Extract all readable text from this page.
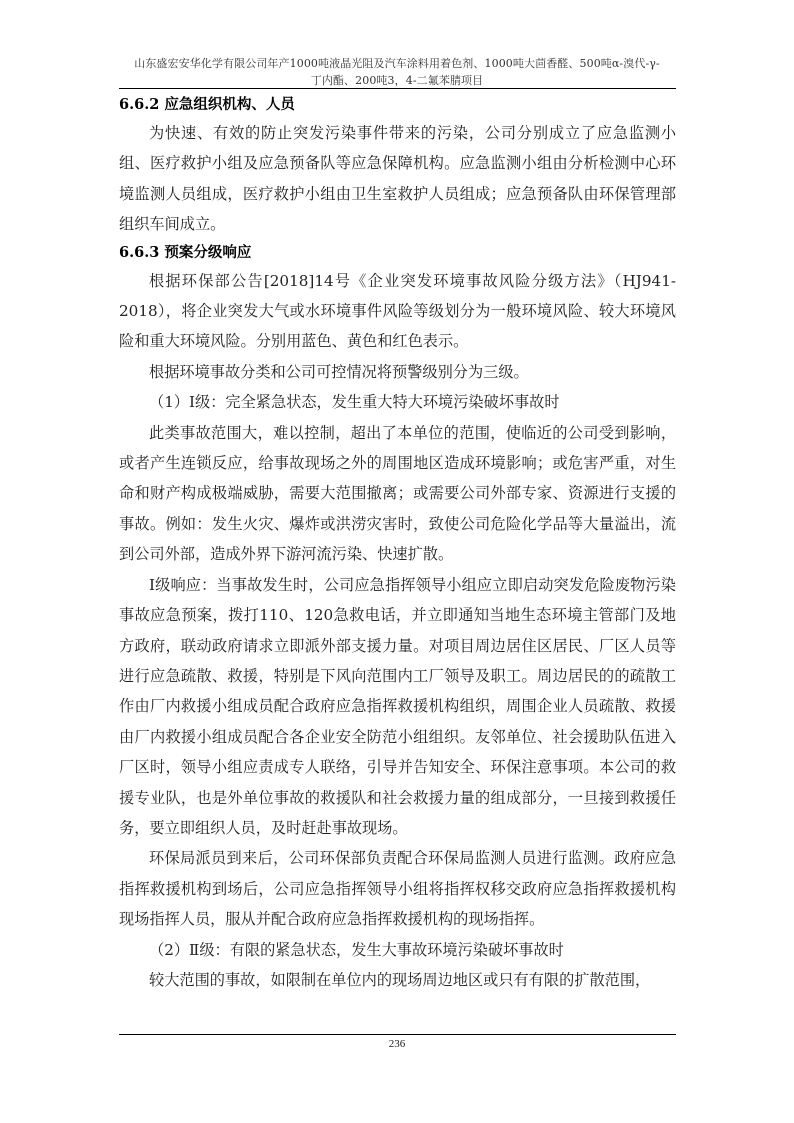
山东盛宏安华化学有限公司年产1000吨液晶光阻及汽车涂料用着色剂、1000吨大茴香醛、500吨α-溴代-γ-
丁内酯、200吨3，4-二氟苯腈项目
6.6.2 应急组织机构、人员
为快速、有效的防止突发污染事件带来的污染，公司分别成立了应急监测小组、医疗救护小组及应急预备队等应急保障机构。应急监测小组由分析检测中心环境监测人员组成，医疗救护小组由卫生室救护人员组成；应急预备队由环保管理部组织车间成立。
6.6.3 预案分级响应
根据环保部公告[2018]14号《企业突发环境事故风险分级方法》（HJ941-2018），将企业突发大气或水环境事件风险等级划分为一般环境风险、较大环境风险和重大环境风险。分别用蓝色、黄色和红色表示。
根据环境事故分类和公司可控情况将预警级别分为三级。
（1）Ⅰ级：完全紧急状态，发生重大特大环境污染破坏事故时
此类事故范围大，难以控制，超出了本单位的范围，使临近的公司受到影响，或者产生连锁反应，给事故现场之外的周围地区造成环境影响；或危害严重，对生命和财产构成极端威胁，需要大范围撤离；或需要公司外部专家、资源进行支援的事故。例如：发生火灾、爆炸或洪涝灾害时，致使公司危险化学品等大量溢出，流到公司外部，造成外界下游河流污染、快速扩散。
Ⅰ级响应：当事故发生时，公司应急指挥领导小组应立即启动突发危险废物污染事故应急预案，拨打110、120急救电话，并立即通知当地生态环境主管部门及地方政府，联动政府请求立即派外部支援力量。对项目周边居住区居民、厂区人员等进行应急疏散、救援，特别是下风向范围内工厂领导及职工。周边居民的的疏散工作由厂内救援小组成员配合政府应急指挥救援机构组织，周围企业人员疏散、救援由厂内救援小组成员配合各企业安全防范小组组织。友邻单位、社会援助队伍进入厂区时，领导小组应责成专人联络，引导并告知安全、环保注意事项。本公司的救援专业队，也是外单位事故的救援队和社会救援力量的组成部分，一旦接到救援任务，要立即组织人员，及时赶赴事故现场。
环保局派员到来后，公司环保部负责配合环保局监测人员进行监测。政府应急指挥救援机构到场后，公司应急指挥领导小组将指挥权移交政府应急指挥救援机构现场指挥人员，服从并配合政府应急指挥救援机构的现场指挥。
（2）Ⅱ级：有限的紧急状态，发生大事故环境污染破坏事故时
较大范围的事故，如限制在单位内的现场周边地区或只有有限的扩散范围，
236
